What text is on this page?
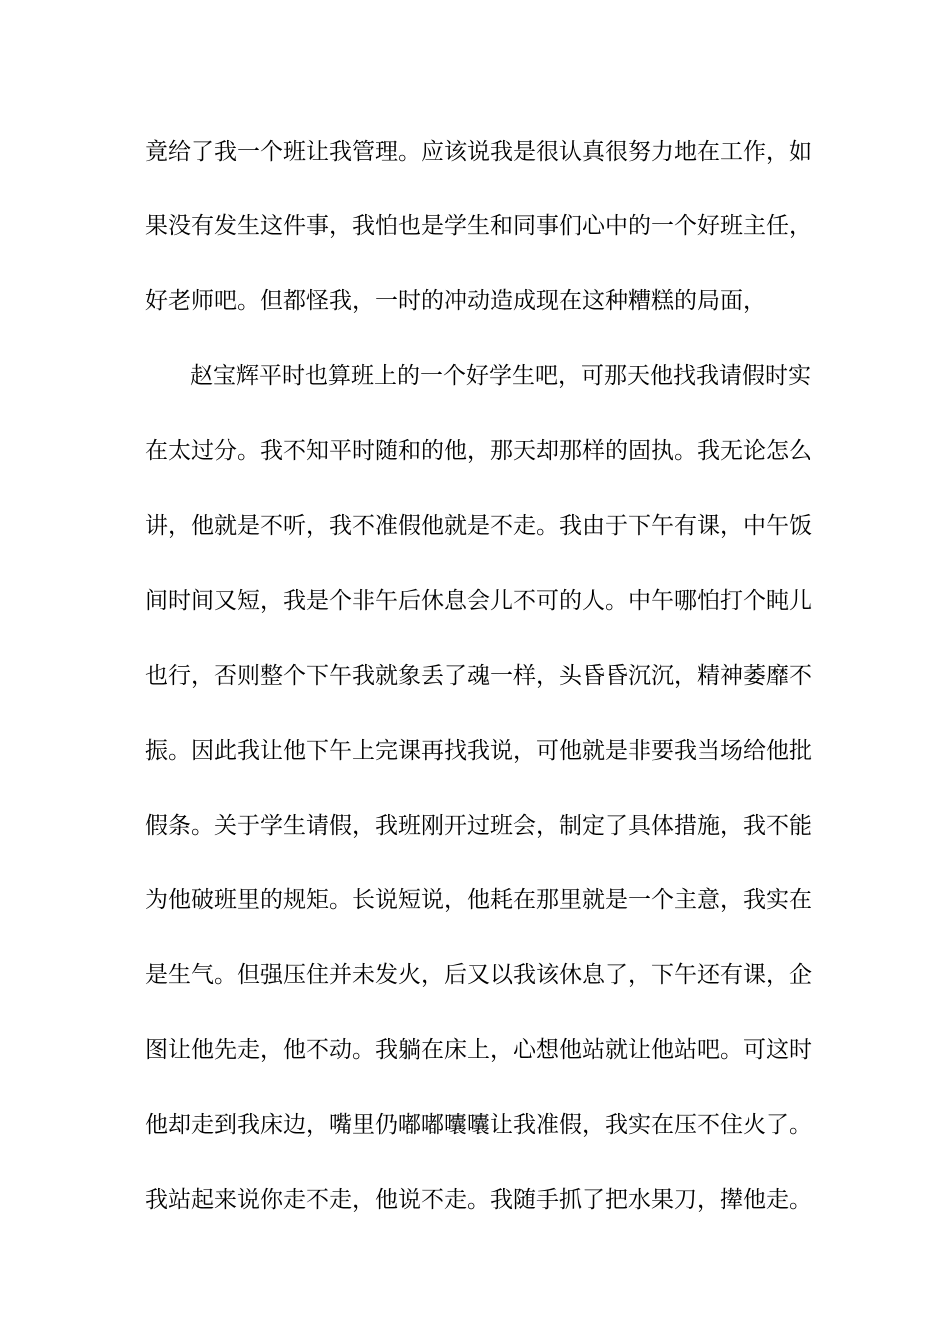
竟给了我一个班让我管理。应该说我是很认真很努力地在工作，如
果没有发生这件事，我怕也是学生和同事们心中的一个好班主任，
好老师吧。但都怪我，一时的冲动造成现在这种糟糕的局面，
赵宝辉平时也算班上的一个好学生吧，可那天他找我请假时实
在太过分。我不知平时随和的他，那天却那样的固执。我无论怎么
讲，他就是不听，我不准假他就是不走。我由于下午有课，中午饭
间时间又短，我是个非午后休息会儿不可的人。中午哪怕打个盹儿
也行，否则整个下午我就象丢了魂一样，头昏昏沉沉，精神萎靡不
振。因此我让他下午上完课再找我说，可他就是非要我当场给他批
假条。关于学生请假，我班刚开过班会，制定了具体措施，我不能
为他破班里的规矩。长说短说，他耗在那里就是一个主意，我实在
是生气。但强压住并未发火，后又以我该休息了，下午还有课，企
图让他先走，他不动。我躺在床上，心想他站就让他站吧。可这时
他却走到我床边，嘴里仍嘟嘟囔囔让我准假，我实在压不住火了。
我站起来说你走不走，他说不走。我随手抓了把水果刀，撵他走。
